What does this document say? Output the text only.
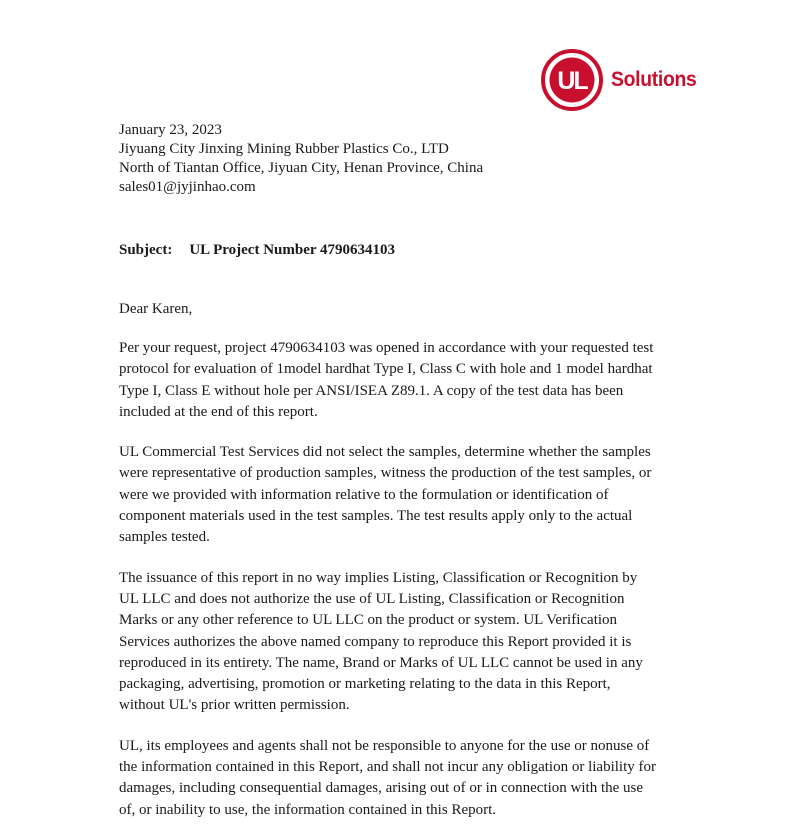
UL Solutions
January 23, 2023
Jiyuang City Jinxing Mining Rubber Plastics Co., LTD
North of Tiantan Office, Jiyuan City, Henan Province, China
sales01@jyjinhao.com
Subject: UL Project Number 4790634103
Dear Karen,

Per your request, project 4790634103 was opened in accordance with your requested test
protocol for evaluation of 1model hardhat Type I, Class C with hole and 1 model hardhat
Type I, Class E without hole per ANSI/ISEA Z89.1. A copy of the test data has been
included at the end of this report.

UL Commercial Test Services did not select the samples, determine whether the samples
were representative of production samples, witness the production of the test samples, or
were we provided with information relative to the formulation or identification of
component materials used in the test samples. The test results apply only to the actual
samples tested.

The issuance of this report in no way implies Listing, Classification or Recognition by
UL LLC and does not authorize the use of UL Listing, Classification or Recognition
Marks or any other reference to UL LLC on the product or system. UL Verification
Services authorizes the above named company to reproduce this Report provided it is
reproduced in its entirety. The name, Brand or Marks of UL LLC cannot be used in any
packaging, advertising, promotion or marketing relating to the data in this Report,
without UL's prior written permission.

UL, its employees and agents shall not be responsible to anyone for the use or nonuse of
the information contained in this Report, and shall not incur any obligation or liability for
damages, including consequential damages, arising out of or in connection with the use
of, or inability to use, the information contained in this Report.
